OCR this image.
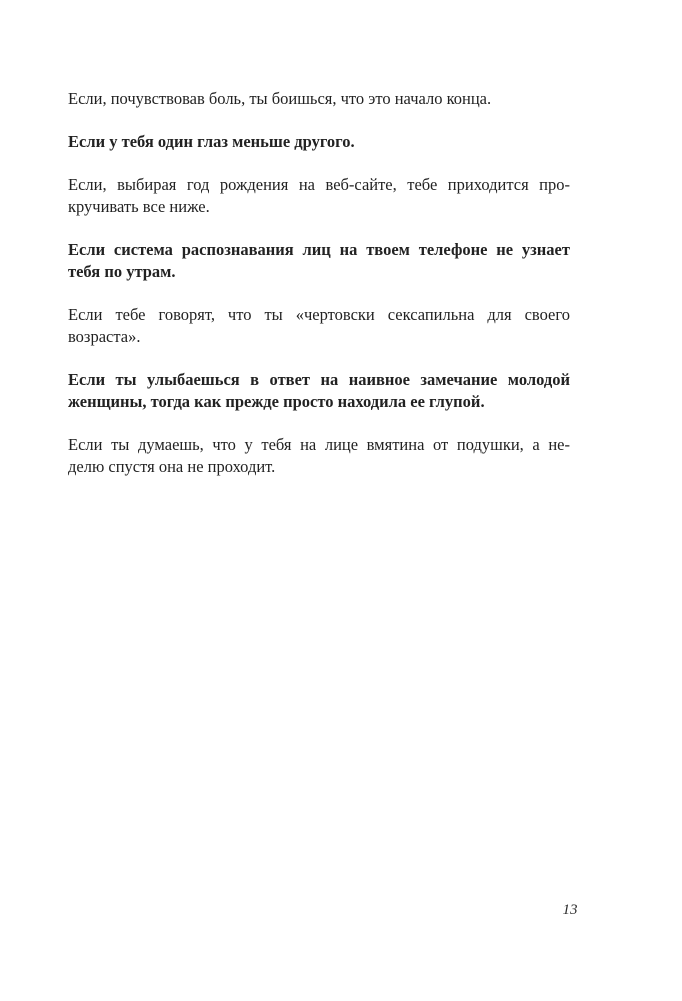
Если, почувствовав боль, ты боишься, что это начало конца.
Если у тебя один глаз меньше другого.
Если, выбирая год рождения на веб-сайте, тебе приходится про-
кручивать все ниже.
Если система распознавания лиц на твоем телефоне не узнает
тебя по утрам.
Если тебе говорят, что ты «чертовски сексапильна для своего
возраста».
Если ты улыбаешься в ответ на наивное замечание молодой
женщины, тогда как прежде просто находила ее глупой.
Если ты думаешь, что у тебя на лице вмятина от подушки, а не-
делю спустя она не проходит.
13
